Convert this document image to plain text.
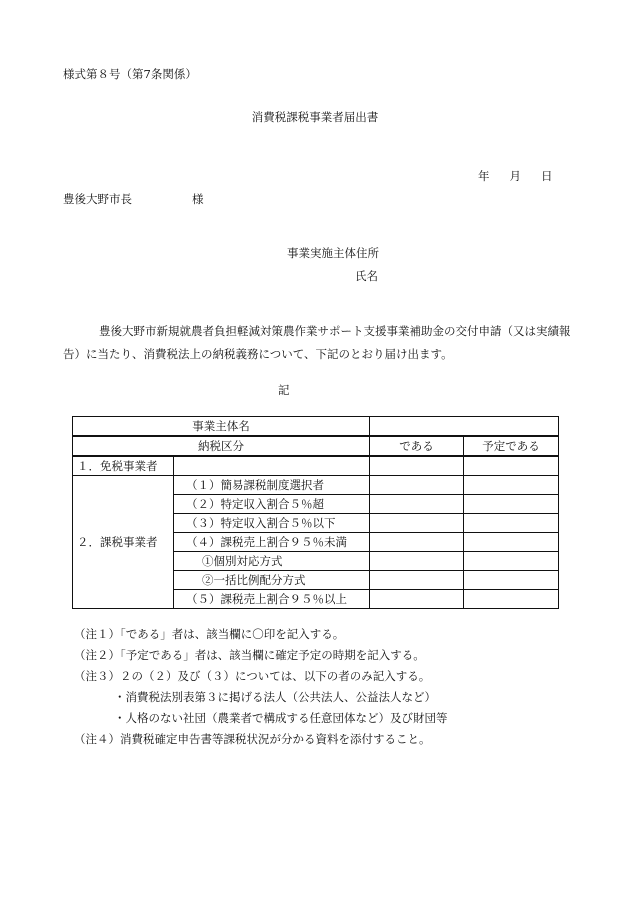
様式第８号（第7条関係）
消費税課税事業者届出書
年 月 日
豊後大野市長	様
事業実施主体住所
氏名

豊後大野市新規就農者負担軽減対策農作業サポート支援事業補助金の交付申請（又は実績報告）に当たり、消費税法上の納税義務について、下記のとおり届け出ます。

記
事業主体名			
納税区分		である	予定である
１．免税事業者			
２．課税事業者	（１）簡易課税制度選択者		
	（２）特定収入割合５％超		
	（３）特定収入割合５％以下		
	（４）課税売上割合９５％未満		
	①個別対応方式		
	②一括比例配分方式		
	（５）課税売上割合９５％以上		
（注１）「である」者は、該当欄に〇印を記入する。
（注２）「予定である」者は、該当欄に確定予定の時期を記入する。
（注３）２の（２）及び（３）については、以下の者のみ記入する。
・消費税法別表第３に掲げる法人（公共法人、公益法人など）
・人格のない社団（農業者で構成する任意団体など）及び財団等
（注４）消費税確定申告書等課税状況が分かる資料を添付すること。
